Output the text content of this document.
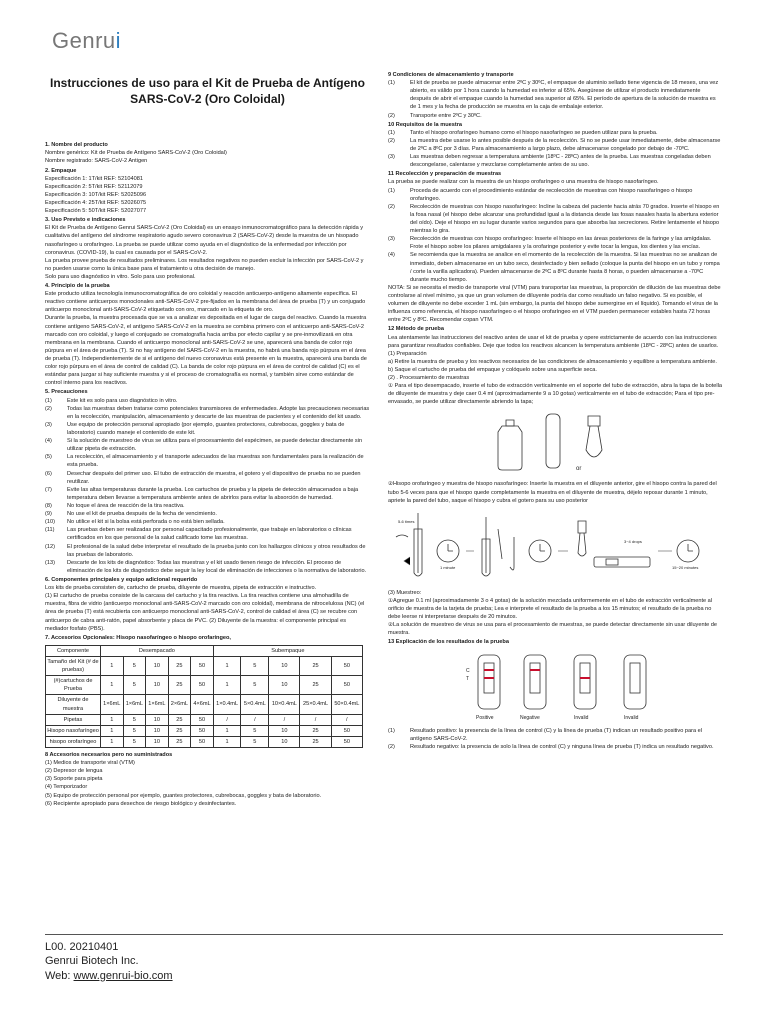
Genrui
Instrucciones de uso para el Kit de Prueba de Antígeno SARS-CoV-2 (Oro Coloidal)
1. Nombre del producto
Nombre genérico: Kit de Prueba de Antígeno SARS-CoV-2 (Oro Coloidal)
Nombre registrado: SARS-CoV-2 Antigen
2. Empaque
Especificación 1: 1T/kit REF: 52104081
Especificación 2: 5T/kit REF: 52112079
Especificación 3: 10T/kit REF: 52025096
Especificación 4: 25T/kit REF: 52026075
Especificación 5: 50T/kit REF: 52027077
3. Uso Previsto e indicaciones
El Kit de Prueba de Antígeno Genrui SARS-CoV-2 (Oro Coloidal) es un ensayo inmunocromatográfico para la detección rápida y cualitativa del antígeno del síndrome respiratorio agudo severo coronavirus 2 (SARS-CoV-2) desde la muestra de un hisopado nasofaríngeo u orofaríngeo. La prueba se puede utilizar como ayuda en el diagnóstico de la enfermedad por infección por coronavirus. (COVID-19), la cual es causada por el SARS-CoV-2.
La prueba provee prueba de resultados preliminares. Los resultados negativos no pueden excluir la infección por SARS-CoV-2 y no pueden usarse como la única base para el tratamiento u otra decisión de manejo.
Solo para uso diagnóstico in vitro. Solo para uso profesional.
4. Principio de la prueba
Este producto utiliza tecnología inmunocromatográfica de oro coloidal y reacción anticuerpo-antígeno altamente específica. El reactivo contiene anticuerpos monoclonales anti-SARS-CoV-2 pre-fijados en la membrana del área de prueba (T) y un conjugado anticuerpo monoclonal anti-SARS-CoV-2 etiquetado con oro, marcado en la etiqueta de oro.
Durante la prueba, la muestra procesada que se va a analizar es depositada en el lugar de carga del reactivo. Cuando la muestra contiene antígeno SARS-CoV-2, el antígeno SARS-CoV-2 en la muestra se combina primero con el anticuerpo anti-SARS-CoV-2 marcado con oro coloidal, y luego el conjugado se cromatografía hacia arriba por efecto capilar y se pre-inmovilizará en otra membrana en la membrana. Cuando el anticuerpo monoclonal anti-SARS-CoV-2 se une, aparecerá una banda de color rojo púrpura en el área de prueba (T). Si no hay antígeno del SARS-CoV-2 en la muestra, no habrá una banda rojo púrpura en el área de prueba (T). Independientemente de si el antígeno del nuevo coronavirus está presente en la muestra, aparecerá una banda de color rojo púrpura en el área de control de calidad (C). La banda de color rojo púrpura en el área de control de calidad (C) es el estándar para juzgar si hay suficiente muestra y si el proceso de cromatografía es normal, y también sirve como estándar de control interno para los reactivos.
5. Precauciones
(1)	Este kit es solo para uso diagnóstico in vitro.
(2)	Todas las muestras deben tratarse como potenciales transmisores de enfermedades. Adopte las precauciones necesarias en la recolección, manipulación, almacenamiento y descarte de las muestras de pacientes y el contenido del kit usado.
(3)	Use equipo de protección personal apropiado (por ejemplo, guantes protectores, cubrebocas, goggles y bata de laboratorio) cuando maneje el contenido de este kit.
(4)	Si la solución de muestreo de virus se utiliza para el procesamiento del espécimen, se puede detectar directamente sin utilizar pipeta de extracción.
(5)	La recolección, el almacenamiento y el transporte adecuados de las muestras son fundamentales para la realización de esta prueba.
(6)	Desechar después del primer uso. El tubo de extracción de muestra, el gotero y el dispositivo de prueba no se pueden reutilizar.
(7)	Evite las altas temperaturas durante la prueba. Los cartuchos de prueba y la pipeta de detección almacenados a baja temperatura deben llevarse a temperatura ambiente antes de abrirlos para evitar la absorción de humedad.
(8)	No toque el área de reacción de la tira reactiva.
(9)	No use el kit de prueba después de la fecha de vencimiento.
(10)	No utilice el kit si la bolsa está perforada o no está bien sellada.
(11)	Las pruebas deben ser realizadas por personal capacitado profesionalmente, que trabaje en laboratorios o clínicas certificados en los que personal de la salud calificado tome las muestras.
(12)	El profesional de la salud debe interpretar el resultado de la prueba junto con los hallazgos clínicos y otros resultados de las pruebas de laboratorio.
(13)	Descarte de los kits de diagnóstico: Todas las muestras y el kit usado tienen riesgo de infección. El proceso de eliminación de los kits de diagnóstico debe seguir la ley local de eliminación de infecciones o la normativa de laboratorio.
6. Componentes principales y equipo adicional requerido
Los kits de prueba consisten de, cartucho de prueba, diluyente de muestra, pipeta de extracción e instructivo.
(1) El cartucho de prueba consiste de la carcasa del cartucho y la tira reactiva. La tira reactiva contiene una almohadilla de muestra, fibra de vidrio (anticuerpo monoclonal anti-SARS-CoV-2 marcado con oro coloidal), membrana de nitrocelulosa (NC) (el área de prueba (T) está recubierta con anticuerpo monoclonal anti-SARS-CoV-2, control de calidad el área (C) se recubre con anticuerpo de cabra anti-ratón, papel absorbente y placa de PVC. (2) Diluyente de la muestra: el componente principal es mediador fosfato (PBS).
7. Accesorios Opcionales: Hisopo nasofaríngeo o hisopo orofaríngeo,
Componente	Desempacado					Subempaque				
Tamaño del Kit (# de pruebas)	1	5	10	25	50	1	5	10	25	50
(#)cartuchos de Prueba	1	5	10	25	50	1	5	10	25	50
Diluyente de muestra	1×6mL	1×6mL	1×6mL	2×6mL	4×6mL	1×0.4mL	5×0.4mL	10×0.4mL	25×0.4mL	50×0.4mL
Pipetas	1	5	10	25	50	/	/	/	/	/
Hisopo nasofaríngeo	1	5	10	25	50	1	5	10	25	50
hisopo orofaríngeo	1	5	10	25	50	1	5	10	25	50
8 Accesorios necesarios pero no suministrados
(1) Medios de transporte viral (VTM)
(2) Depresor de lengua
(3) Soporte para pipeta
(4) Temporizador
(5) Equipo de protección personal por ejemplo, guantes protectores, cubrebocas, goggles y bata de laboratorio.
(6) Recipiente apropiado para desechos de riesgo biológico y desinfectantes.
9 Condiciones de almacenamiento y transporte
(1)	El kit de prueba se puede almacenar entre 2ºC y 30ºC, el empaque de aluminio sellado tiene vigencia de 18 meses, una vez abierto, es válido por 1 hora cuando la humedad es inferior al 65%. Asegúrese de utilizar el producto inmediatamente después de abrir el empaque cuando la humedad sea superior al 65%. El período de apertura de la solución de muestra es de 1 mes y la fecha de producción se muestra en la caja de embalaje exterior.
(2)	Transporte entre 2ºC y 30ºC.
10 Requisitos de la muestra
(1)	Tanto el hisopo orofaríngeo humano como el hisopo nasofaríngeo se pueden utilizar para la prueba.
(2)	La muestra debe usarse lo antes posible después de la recolección. Si no se puede usar inmediatamente, debe almacenarse de 2ºC a 8ºC por 3 días. Para almacenamiento a largo plazo, debe almacenarse congelado por debajo de -70ºC.
(3)	Las muestras deben regresar a temperatura ambiente (18ºC - 28ºC) antes de la prueba. Las muestras congeladas deben descongelarse, calentarse y mezclarse completamente antes de su uso.
11 Recolección y preparación de muestras
La prueba se puede realizar con la muestra de un hisopo orofaríngeo o una muestra de hisopo nasofaríngeo.
(1)	Proceda de acuerdo con el procedimiento estándar de recolección de muestras con hisopo nasofaríngeo o hisopo orofaríngeo.
(2)	Recolección de muestras con hisopo nasofaríngeo: Incline la cabeza del paciente hacia atrás 70 grados. Inserte el hisopo en la fosa nasal (el hisopo debe alcanzar una profundidad igual a la distancia desde las fosas nasales hasta la abertura exterior del oído). Deje el hisopo en su lugar durante varios segundos para que absorba las secreciones. Retire lentamente el hisopo mientras lo gira.
(3)	Recolección de muestras con hisopo orofaríngeo: Inserte el hisopo en las áreas posteriores de la faringe y las amígdalas. Frote el hisopo sobre los pilares amigdalares y la orofaringe posterior y evite tocar la lengua, los dientes y las encías.
(4)	Se recomienda que la muestra se analice en el momento de la recolección de la muestra. Si las muestras no se analizan de inmediato, deben almacenarse en un tubo seco, desinfectado y bien sellado (coloque la punta del hisopo en un tubo y rompa / corte la varilla aplicadora). Pueden almacenarse de 2ºC a 8ºC durante hasta 8 horas, o pueden almacenarse a -70ºC durante mucho tiempo.
NOTA: Si se necesita el medio de transporte viral (VTM) para transportar las muestras, la proporción de dilución de las muestras debe controlarse al nivel mínimo, ya que un gran volumen de diluyente podría dar como resultado un falso negativo. Si es posible, el volumen de diluyente no debe exceder 1 mL (sin embargo, la punta del hisopo debe sumergirse en el líquido). Tomando el virus de la influenza como referencia, el hisopo nasofaríngeo o el hisopo orofaríngeo en el VTM pueden permanecer estables hasta 72 horas entre 2ºC y 8ºC. Recomendar copan VTM.
12 Método de prueba
Lea atentamente las instrucciones del reactivo antes de usar el kit de prueba y opere estrictamente de acuerdo con las instrucciones para garantizar resultados confiables. Deje que todos los reactivos alcancen la temperatura ambiente (18ºC - 28ºC) antes de usarlos.
(1) Preparación
a) Retire la muestra de prueba y los reactivos necesarios de las condiciones de almacenamiento y equilibre a temperatura ambiente.
b) Saque el cartucho de prueba del empaque y colóquelo sobre una superficie seca.
(2) . Procesamiento de muestras
① Para el tipo desempacado, inserte el tubo de extracción verticalmente en el soporte del tubo de extracción, abra la tapa de la botella de diluyente de muestra y deje caer 0.4 ml (aproximadamente 9 a 10 gotas) verticalmente en el tubo de extracción; Para el tipo pre-envasado, se puede utilizar directamente abriendo la tapa;
or
②Hisopo orofaríngeo y muestra de hisopo nasofaríngeo: Inserte la muestra en el diluyente anterior, gire el hisopo contra la pared del tubo 5-6 veces para que el hisopo quede completamente la muestra en el diluyente de muestra, déjelo reposar durante 1 minuto, apriete la pared del tubo, saque el hisopo y cubra el gotero para su uso posterior
5-6 times
1 minute
3~4 drops
15~20 minutes
(3) Muestreo:
①Agregue 0.1 ml (aproximadamente 3 o 4 gotas) de la solución mezclada uniformemente en el tubo de extracción verticalmente al orificio de muestra de la tarjeta de prueba; Lea e interprete el resultado de la prueba a los 15 minutos; el resultado de la prueba no debe leerse ni interpretarse después de 20 minutos.
②La solución de muestreo de virus se usa para el procesamiento de muestras, se puede detectar directamente sin usar diluyente de muestra.
13 Explicación de los resultados de la prueba
C
T
Positive	Negative	Invalid	Invalid
(1)	Resultado positivo: la presencia de la línea de control (C) y la línea de prueba (T) indican un resultado positivo para el antígeno SARS-CoV-2.
(2)	Resultado negativo: la presencia de solo la línea de control (C) y ninguna línea de prueba (T) indica un resultado negativo.
L00. 20210401
Genrui Biotech Inc.
Web: www.genrui-bio.com
